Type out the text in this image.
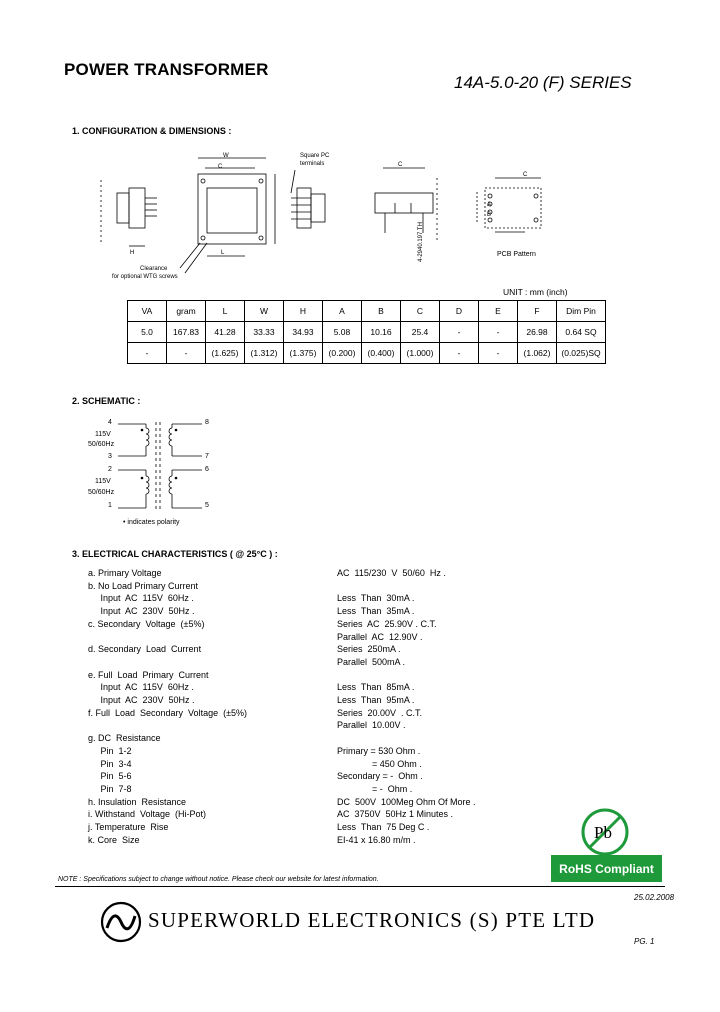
POWER TRANSFORMER
14A-5.0-20 (F) SERIES
1. CONFIGURATION & DIMENSIONS :
W
C
H	L
C
C
A
B
Square PC
terminals
Clearance
for optional WTG screws
4-2940.197 TH	PCB Pattern
UNIT : mm (inch)
VA	gram	L	W	H	A	B	C	D	E	F	Dim Pin
5.0	167.83	41.28	33.33	34.93	5.08	10.16	25.4	-	-	26.98	0.64 SQ
-	-	(1.625)	(1.312)	(1.375)	(0.200)	(0.400)	(1.000)	-	-	(1.062)	(0.025)SQ
2. SCHEMATIC :
4
3
2
1
8
7
6
5
115V
50/60Hz
115V
50/60Hz
• indicates polarity
3. ELECTRICAL CHARACTERISTICS ( @ 25°C ) :
a. Primary Voltage	AC  115/230  V  50/60  Hz .
b. No Load Primary Current
Input  AC  115V  60Hz .	Less  Than  30mA .
Input  AC  230V  50Hz .	Less  Than  35mA .
c. Secondary  Voltage  (±5%)	Series  AC  25.90V . C.T.
Parallel  AC  12.90V .
d. Secondary  Load  Current	Series  250mA .
Parallel  500mA .
e. Full  Load  Primary  Current
Input  AC  115V  60Hz .	Less  Than  85mA .
Input  AC  230V  50Hz .	Less  Than  95mA .
f. Full  Load  Secondary  Voltage  (±5%)	Series  20.00V  . C.T.
Parallel  10.00V .
g. DC  Resistance
Pin  1-2	Primary = 530 Ohm .
Pin  3-4	= 450 Ohm .
Pin  5-6	Secondary = -  Ohm .
Pin  7-8	= -  Ohm .
h. Insulation  Resistance	DC  500V  100Meg Ohm Of More .
i. Withstand  Voltage  (Hi-Pot)	AC  3750V  50Hz 1 Minutes .
j. Temperature  Rise	Less  Than  75 Deg C .
k. Core  Size	EI-41 x 16.80 m/m .	Pb
RoHS Compliant
NOTE : Specifications subject to change without notice. Please check our website for latest information.
25.02.2008
SUPERWORLD ELECTRONICS (S) PTE LTD
PG. 1
